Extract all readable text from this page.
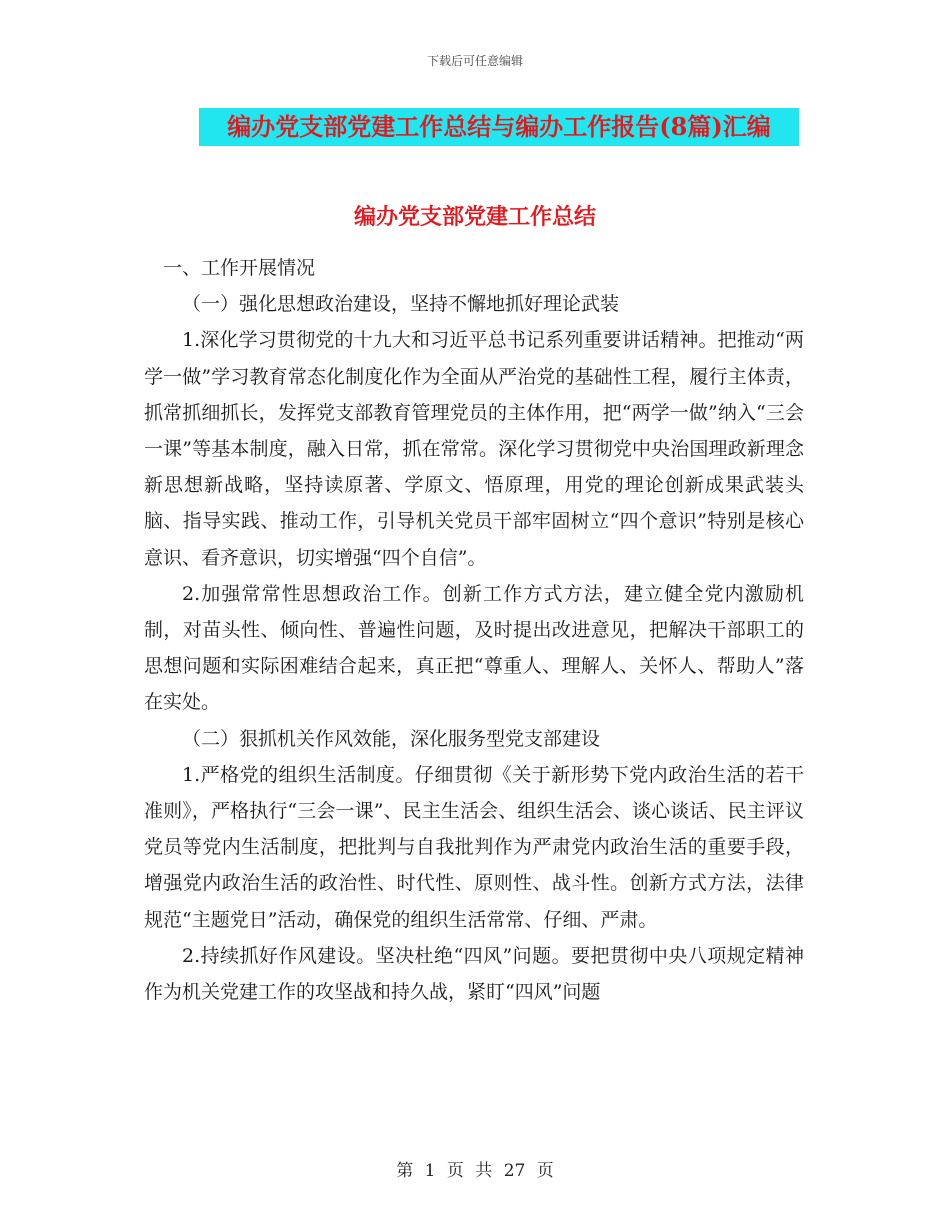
下载后可任意编辑
编办党支部党建工作总结与编办工作报告(8篇)汇编
编办党支部党建工作总结

一、工作开展情况

（一）强化思想政治建设，坚持不懈地抓好理论武装

1.深化学习贯彻党的十九大和习近平总书记系列重要讲话精神。把推动“两学一做”学习教育常态化制度化作为全面从严治党的基础性工程，履行主体责，抓常抓细抓长，发挥党支部教育管理党员的主体作用，把“两学一做”纳入“三会一课”等基本制度，融入日常，抓在常常。深化学习贯彻党中央治国理政新理念新思想新战略，坚持读原著、学原文、悟原理，用党的理论创新成果武装头脑、指导实践、推动工作，引导机关党员干部牢固树立“四个意识”特别是核心意识、看齐意识，切实增强“四个自信”。

2.加强常常性思想政治工作。创新工作方式方法，建立健全党内激励机制，对苗头性、倾向性、普遍性问题，及时提出改进意见，把解决干部职工的思想问题和实际困难结合起来，真正把“尊重人、理解人、关怀人、帮助人”落在实处。

（二）狠抓机关作风效能，深化服务型党支部建设

1.严格党的组织生活制度。仔细贯彻《关于新形势下党内政治生活的若干准则》，严格执行“三会一课”、民主生活会、组织生活会、谈心谈话、民主评议党员等党内生活制度，把批判与自我批判作为严肃党内政治生活的重要手段，增强党内政治生活的政治性、时代性、原则性、战斗性。创新方式方法，法律规范“主题党日”活动，确保党的组织生活常常、仔细、严肃。

2.持续抓好作风建设。坚决杜绝“四风”问题。要把贯彻中央八项规定精神作为机关党建工作的攻坚战和持久战，紧盯“四风”问题

第 1 页 共 27 页
